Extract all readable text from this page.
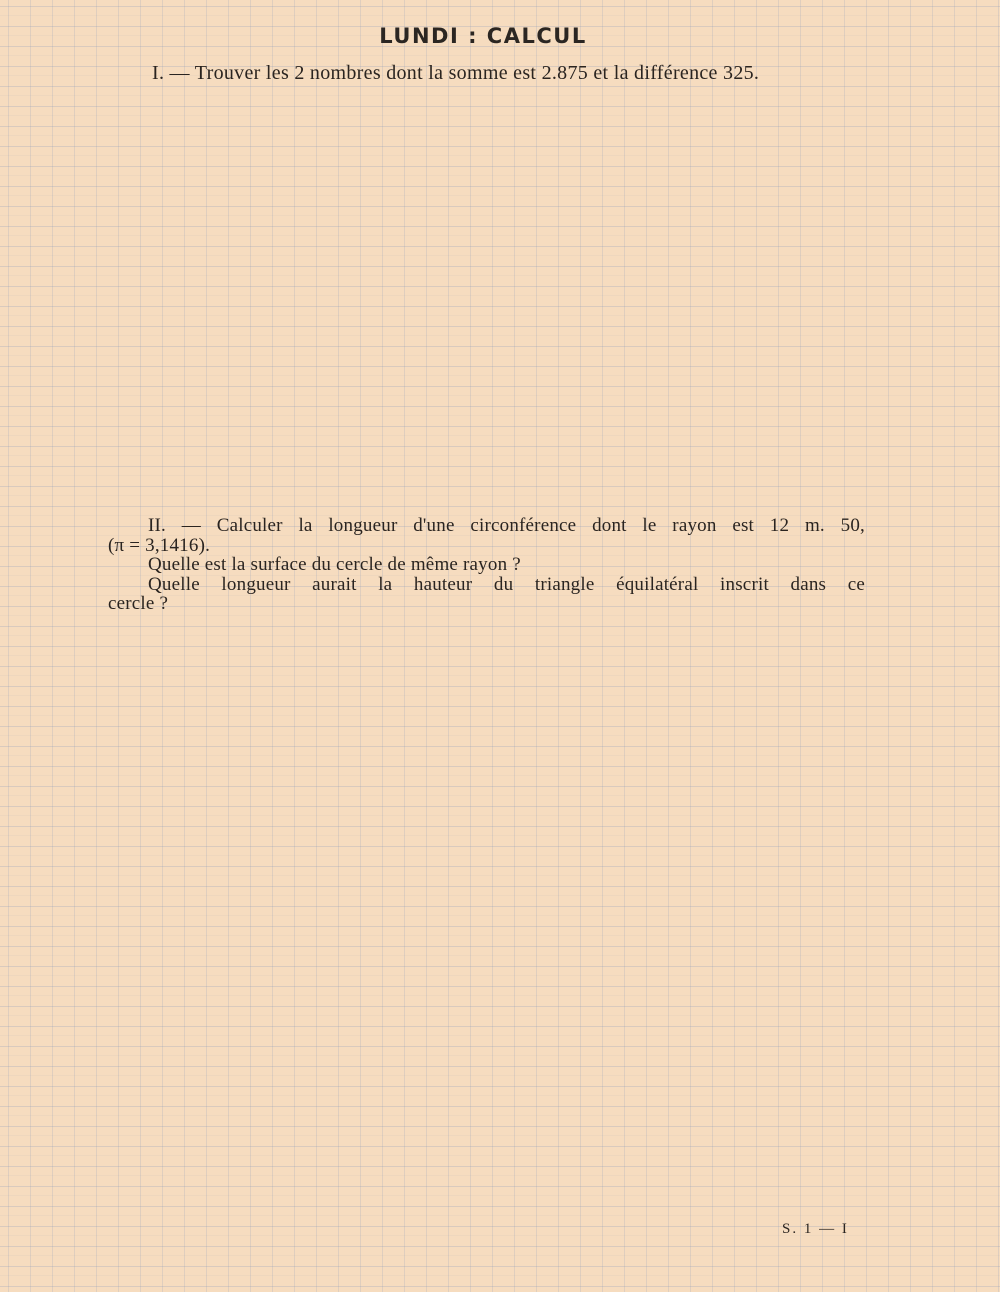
LUNDI : CALCUL
I. — Trouver les 2 nombres dont la somme est 2.875 et la différence 325.
II. — Calculer la longueur d'une circonférence dont le rayon est 12 m. 50,
(π = 3,1416).
Quelle est la surface du cercle de même rayon ?
Quelle longueur aurait la hauteur du triangle équilatéral inscrit dans ce
cercle ?
S. 1 — I
